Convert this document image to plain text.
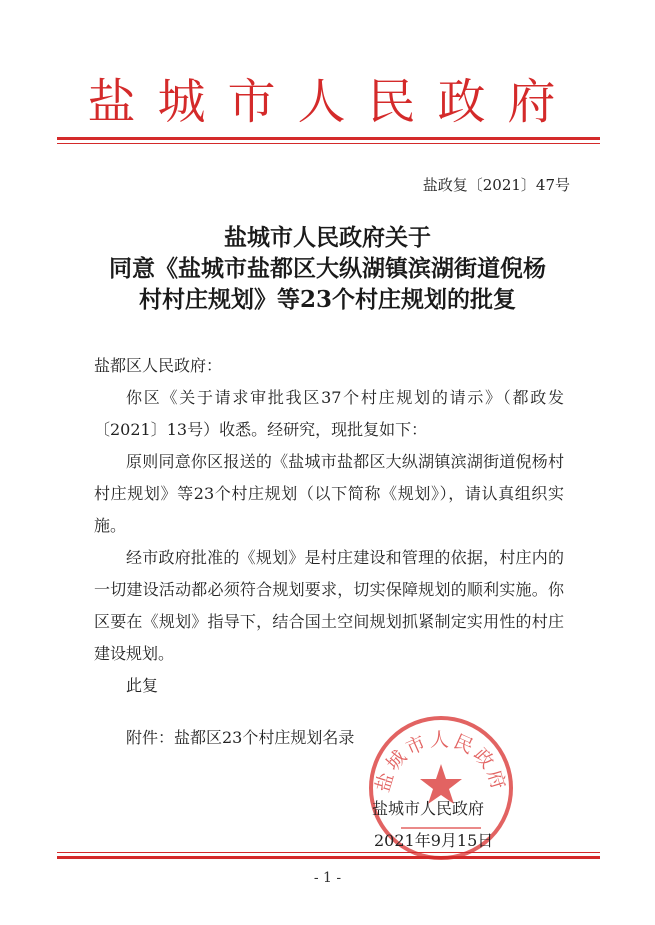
盐城市人民政府
盐政复〔2021〕47号
盐城市人民政府关于
同意《盐城市盐都区大纵湖镇滨湖街道倪杨
村村庄规划》等23个村庄规划的批复

盐都区人民政府：

你区《关于请求审批我区37个村庄规划的请示》（都政发〔2021〕13号）收悉。经研究，现批复如下：

原则同意你区报送的《盐城市盐都区大纵湖镇滨湖街道倪杨村村庄规划》等23个村庄规划（以下简称《规划》），请认真组织实施。

经市政府批准的《规划》是村庄建设和管理的依据，村庄内的一切建设活动都必须符合规划要求，切实保障规划的顺利实施。你区要在《规划》指导下，结合国土空间规划抓紧制定实用性的村庄建设规划。

此复

附件：盐都区23个村庄规划名录

盐城市人民政府
盐城市人民政府
2021年9月15日
- 1 -
